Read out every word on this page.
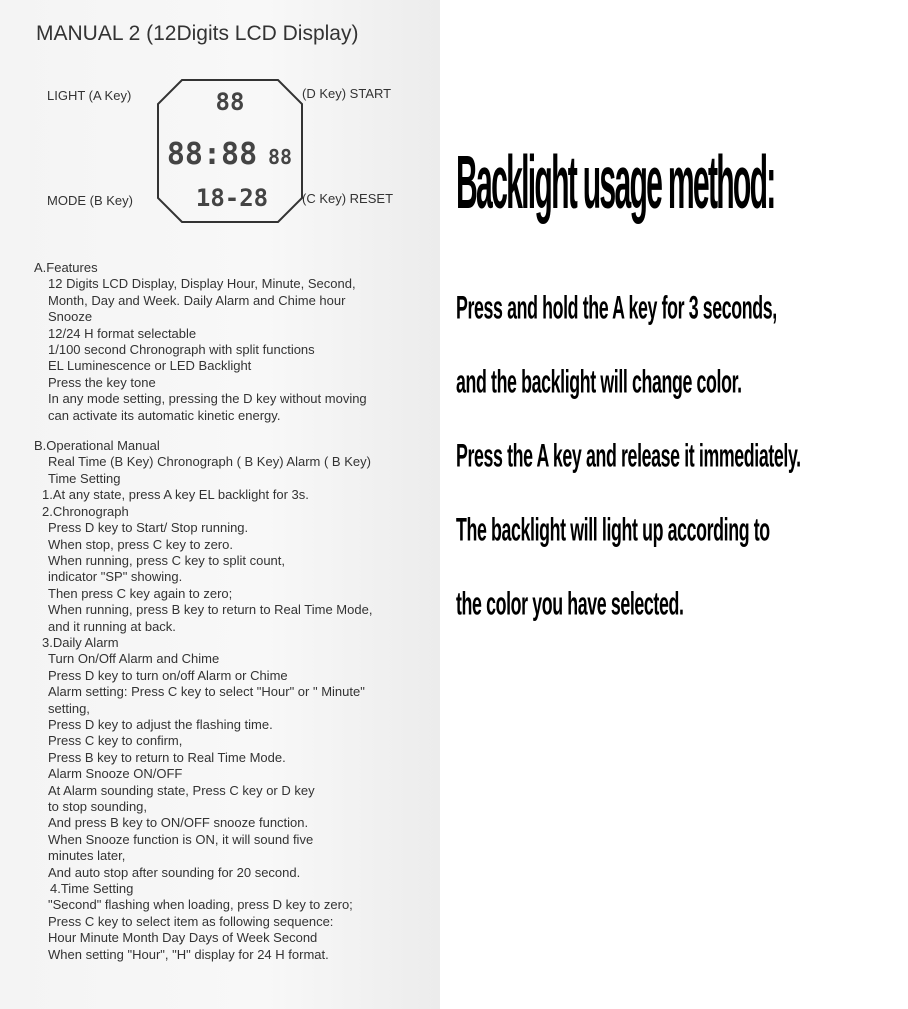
MANUAL 2 (12Digits LCD Display)
LIGHT (A Key)	(D Key) START
MODE (B Key)	(C Key) RESET
88
88:88 88
18-28

A.Features

12 Digits LCD Display, Display Hour, Minute, Second,

Month, Day and Week. Daily Alarm and Chime hour

Snooze

12/24 H format selectable

1/100 second Chronograph with split functions

EL Luminescence or LED Backlight

Press the key tone

In any mode setting, pressing the D key without moving

can activate its automatic kinetic energy.

B.Operational Manual

Real Time (B Key) Chronograph ( B Key) Alarm ( B Key)

Time Setting

1.At any state, press A key EL backlight for 3s.

2.Chronograph

Press D key to Start/ Stop running.

When stop, press C key to zero.

When running, press C key to split count,

indicator "SP" showing.

Then press C key again to zero;

When running, press B key to return to Real Time Mode,

and it running at back.

3.Daily Alarm

Turn On/Off Alarm and Chime

Press D key to turn on/off Alarm or Chime

Alarm setting: Press C key to select "Hour" or " Minute"

setting,

Press D key to adjust the flashing time.

Press C key to confirm,

Press B key to return to Real Time Mode.

Alarm Snooze ON/OFF

At Alarm sounding state, Press C key or D key

to stop sounding,

And press B key to ON/OFF snooze function.

When Snooze function is ON, it will sound five

minutes later,

And auto stop after sounding for 20 second.

4.Time Setting

"Second" flashing when loading, press D key to zero;

Press C key to select item as following sequence:

Hour Minute Month Day Days of Week Second

When setting "Hour", "H" display for 24 H format.

Backlight usage method:
Press and hold the A key for 3 seconds,
and the backlight will change color.
Press the A key and release it immediately.
The backlight will light up according to
the color you have selected.
